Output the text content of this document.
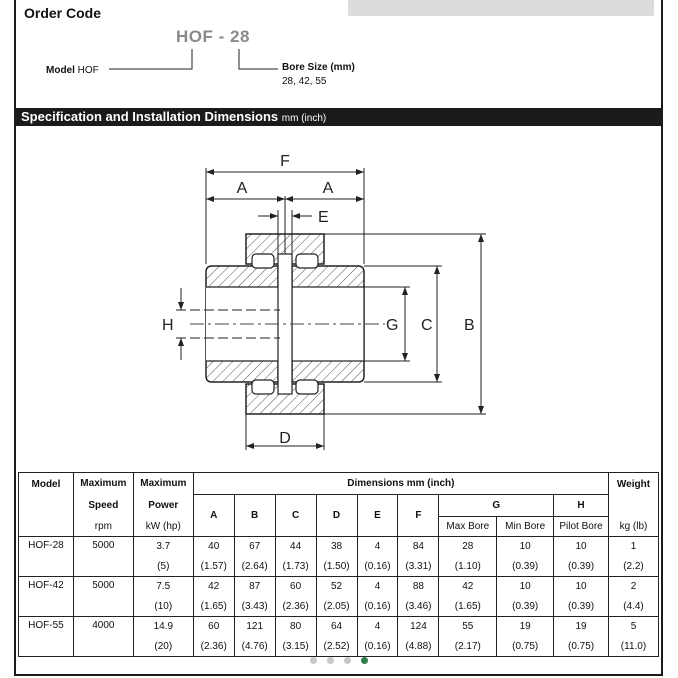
Order Code
HOF - 28
Model HOF	Bore Size (mm)
28, 42, 55
Specification and Installation Dimensions mm (inch)
F
A	A
E
H	G C B
D
Model	Maximum	Maximum	Dimensions mm (inch)									Weight
	Speed	Power	A	B	C	D	E	F	G		H	
	rpm	kW (hp)							Max Bore	Min Bore	Pilot Bore	kg (lb)
HOF-28	5000	3.7	40	67	44	38	4	84	28	10	10	1
		(5)	(1.57)	(2.64)	(1.73)	(1.50)	(0.16)	(3.31)	(1.10)	(0.39)	(0.39)	(2.2)
HOF-42	5000	7.5	42	87	60	52	4	88	42	10	10	2
		(10)	(1.65)	(3.43)	(2.36)	(2.05)	(0.16)	(3.46)	(1.65)	(0.39)	(0.39)	(4.4)
HOF-55	4000	14.9	60	121	80	64	4	124	55	19	19	5
		(20)	(2.36)	(4.76)	(3.15)	(2.52)	(0.16)	(4.88)	(2.17)	(0.75)	(0.75)	(11.0)
